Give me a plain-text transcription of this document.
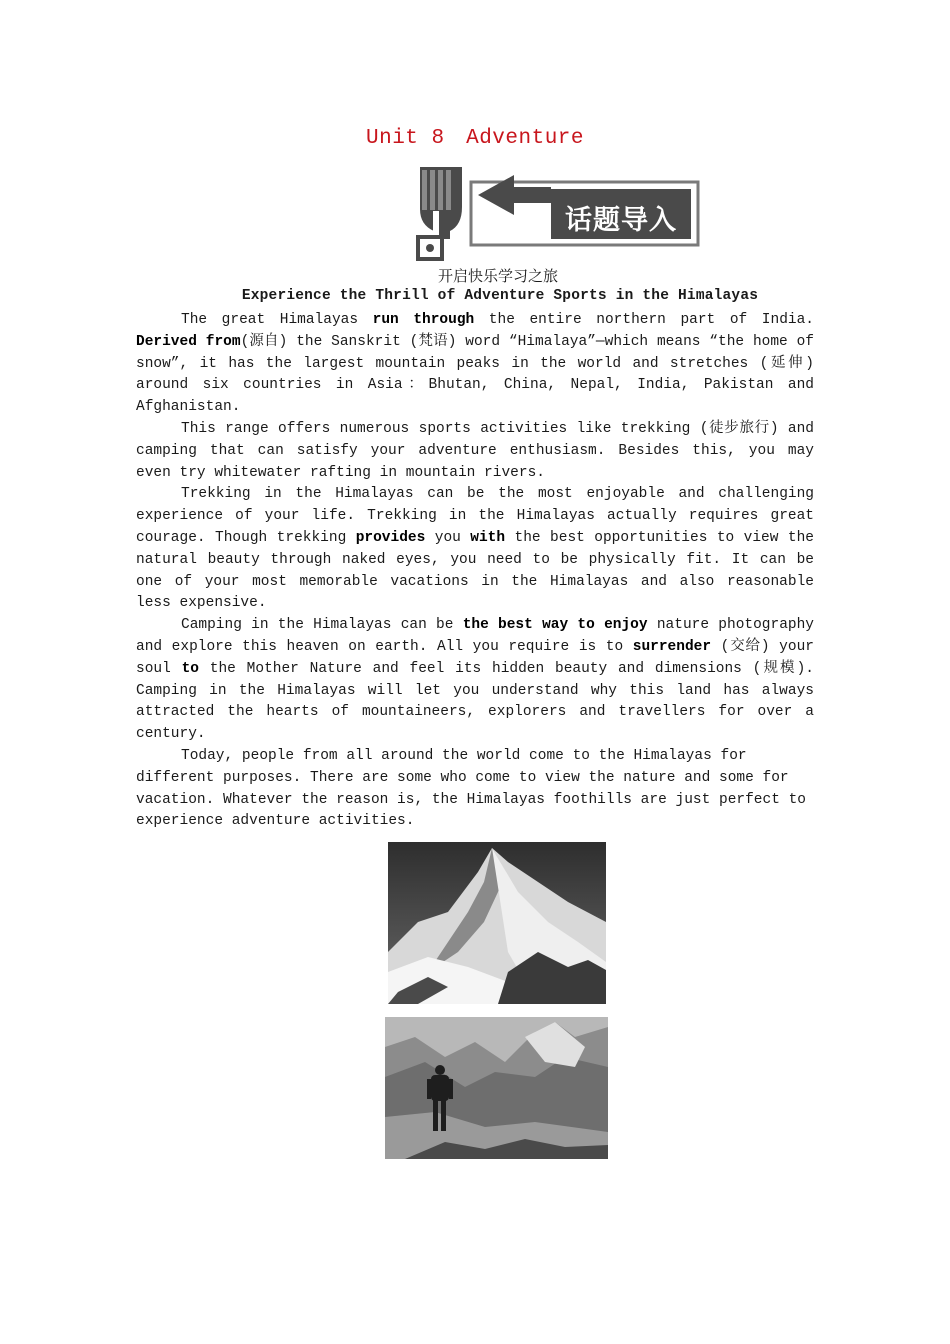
Unit 8　Adventure
话题导入
开启快乐学习之旅
Experience the Thrill of Adventure Sports in the Himalayas

The great Himalayas run through the entire northern part of India. Derived from(源自) the Sanskrit (梵语) word “Himalaya”—which means “the home of snow”, it has the largest mountain peaks in the world and stretches (延伸) around six countries in Asia：Bhutan, China, Nepal, India, Pakistan and Afghanistan.

This range offers numerous sports activities like trekking (徒步旅行) and camping that can satisfy your adventure enthusiasm. Besides this, you may even try whitewater rafting in mountain rivers.

Trekking in the Himalayas can be the most enjoyable and challenging experience of your life. Trekking in the Himalayas actually requires great courage. Though trekking provides you with the best opportunities to view the natural beauty through naked eyes, you need to be physically fit. It can be one of your most memorable vacations in the Himalayas and also reasonable less expensive.

Camping in the Himalayas can be the best way to enjoy nature photography and explore this heaven on earth. All you require is to surrender (交给) your soul to the Mother Nature and feel its hidden beauty and dimensions (规模). Camping in the Himalayas will let you understand why this land has always attracted the hearts of mountaineers, explorers and travellers for over a century.

Today, people from all around the world come to the Himalayas for different purposes. There are some who come to view the nature and some for vacation. Whatever the reason is, the Himalayas foothills are just perfect to experience adventure activities.
